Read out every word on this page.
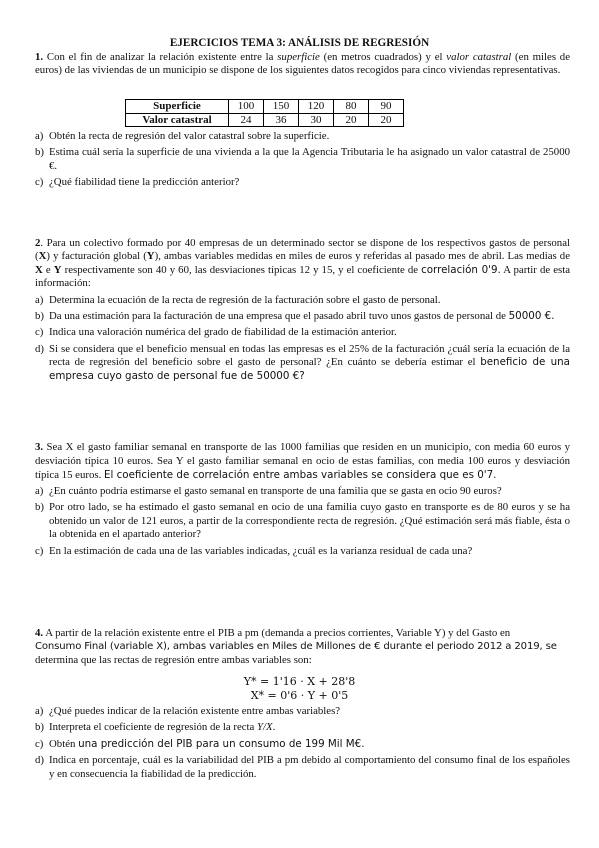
EJERCICIOS TEMA 3: ANÁLISIS DE REGRESIÓN

1. Con el fin de analizar la relación existente entre la superficie (en metros cuadrados) y el valor catastral (en miles de euros) de las viviendas de un municipio se dispone de los siguientes datos recogidos para cinco viviendas representativas.

Superficie	100	150	120	80	90
Valor catastral	24	36	30	20	20
a) Obtén la recta de regresión del valor catastral sobre la superficie.
b) Estima cuál sería la superficie de una vivienda a la que la Agencia Tributaria le ha asignado un valor catastral de 25000 €.
c) ¿Qué fiabilidad tiene la predicción anterior?

2. Para un colectivo formado por 40 empresas de un determinado sector se dispone de los respectivos gastos de personal (X) y facturación global (Y), ambas variables medidas en miles de euros y referidas al pasado mes de abril. Las medias de X e Y respectivamente son 40 y 60, las desviaciones típicas 12 y 15, y el coeficiente de correlación 0'9. A partir de esta información:

a) Determina la ecuación de la recta de regresión de la facturación sobre el gasto de personal.
b) Da una estimación para la facturación de una empresa que el pasado abril tuvo unos gastos de personal de 50000 €.
c) Indica una valoración numérica del grado de fiabilidad de la estimación anterior.
d) Si se considera que el beneficio mensual en todas las empresas es el 25% de la facturación ¿cuál sería la ecuación de la recta de regresión del beneficio sobre el gasto de personal? ¿En cuánto se debería estimar el beneficio de una empresa cuyo gasto de personal fue de 50000 €?

3. Sea X el gasto familiar semanal en transporte de las 1000 familias que residen en un municipio, con media 60 euros y desviación típica 10 euros. Sea Y el gasto familiar semanal en ocio de estas familias, con media 100 euros y desviación típica 15 euros. El coeficiente de correlación entre ambas variables se considera que es 0'7.

a) ¿En cuánto podría estimarse el gasto semanal en transporte de una familia que se gasta en ocio 90 euros?
b) Por otro lado, se ha estimado el gasto semanal en ocio de una familia cuyo gasto en transporte es de 80 euros y se ha obtenido un valor de 121 euros, a partir de la correspondiente recta de regresión. ¿Qué estimación será más fiable, ésta o la obtenida en el apartado anterior?
c) En la estimación de cada una de las variables indicadas, ¿cuál es la varianza residual de cada una?

4. A partir de la relación existente entre el PIB a pm (demanda a precios corrientes, Variable Y) y del Gasto en

Consumo Final (variable X), ambas variables en Miles de Millones de € durante el periodo 2012 a 2019, se

determina que las rectas de regresión entre ambas variables son:

Y* = 1'16 · X + 28'8
X* = 0'6 · Y + 0'5
a) ¿Qué puedes indicar de la relación existente entre ambas variables?
b) Interpreta el coeficiente de regresión de la recta Y/X.
c) Obtén una predicción del PIB para un consumo de 199 Mil M€.
d) Indica en porcentaje, cuál es la variabilidad del PIB a pm debido al comportamiento del consumo final de los españoles y en consecuencia la fiabilidad de la predicción.
